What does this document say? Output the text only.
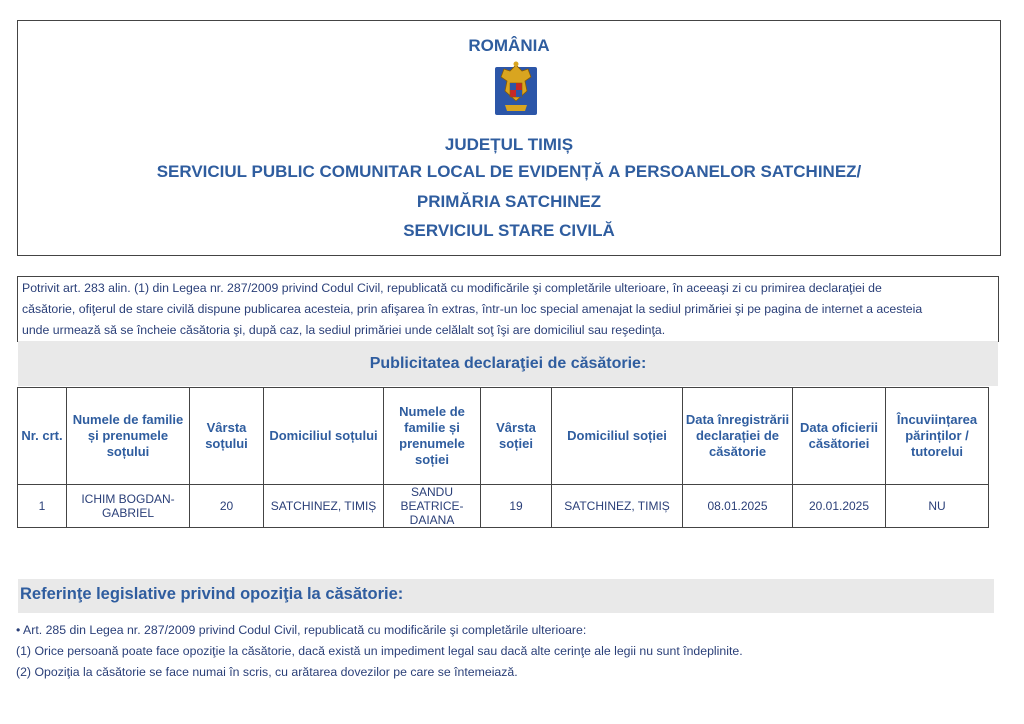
ROMÂNIA
JUDEȚUL TIMIȘ
SERVICIUL PUBLIC COMUNITAR LOCAL DE EVIDENȚĂ A PERSOANELOR SATCHINEZ/
PRIMĂRIA SATCHINEZ
SERVICIUL STARE CIVILĂ
Potrivit art. 283 alin. (1) din Legea nr. 287/2009 privind Codul Civil, republicată cu modificările şi completările ulterioare, în aceeaşi zi cu primirea declaraţiei de
căsătorie, ofiţerul de stare civilă dispune publicarea acesteia, prin afişarea în extras, într-un loc special amenajat la sediul primăriei şi pe pagina de internet a acesteia
unde urmează să se încheie căsătoria şi, după caz, la sediul primăriei unde celălalt soţ îşi are domiciliul sau reşedinţa.
Publicitatea declaraţiei de căsătorie:
Nr. crt.	Numele de familie și prenumele soțului	Vârsta soțului	Domiciliul soțului	Numele de familie și prenumele soției	Vârsta soției	Domiciliul soției	Data înregistrării declarației de căsătorie	Data oficierii căsătoriei	Încuviințarea părinților / tutorelui
1	ICHIM BOGDAN-GABRIEL	20	SATCHINEZ, TIMIȘ	SANDU BEATRICE-DAIANA	19	SATCHINEZ, TIMIȘ	08.01.2025	20.01.2025	NU
Referinţe legislative privind opoziţia la căsătorie:
• Art. 285 din Legea nr. 287/2009 privind Codul Civil, republicată cu modificările şi completările ulterioare:
(1) Orice persoană poate face opoziţie la căsătorie, dacă există un impediment legal sau dacă alte cerinţe ale legii nu sunt îndeplinite.
(2) Opoziţia la căsătorie se face numai în scris, cu arătarea dovezilor pe care se întemeiază.
